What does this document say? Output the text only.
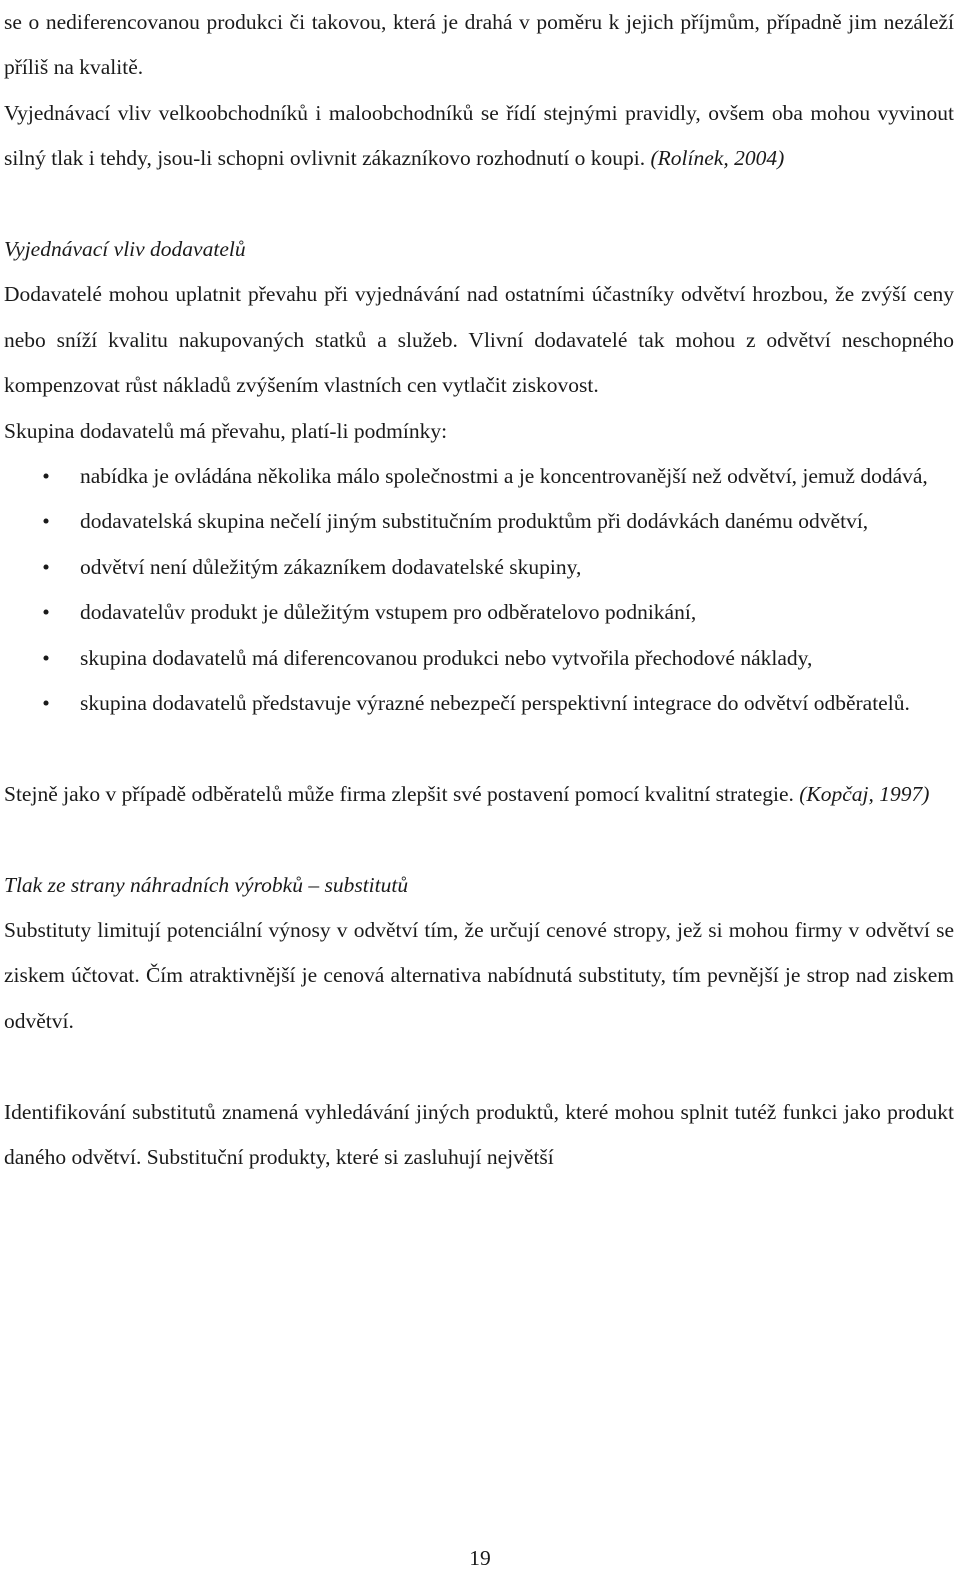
se o nediferencovanou produkci či takovou, která je drahá v poměru k jejich příjmům, případně jim nezáleží příliš na kvalitě.

Vyjednávací vliv velkoobchodníků i maloobchodníků se řídí stejnými pravidly, ovšem oba mohou vyvinout silný tlak i tehdy, jsou-li schopni ovlivnit zákazníkovo rozhodnutí o koupi. (Rolínek, 2004)

Vyjednávací vliv dodavatelů

Dodavatelé mohou uplatnit převahu při vyjednávání nad ostatními účastníky odvětví hrozbou, že zvýší ceny nebo sníží kvalitu nakupovaných statků a služeb. Vlivní dodavatelé tak mohou z odvětví neschopného kompenzovat růst nákladů zvýšením vlastních cen vytlačit ziskovost.

Skupina dodavatelů má převahu, platí-li podmínky:

• nabídka je ovládána několika málo společnostmi a je koncentrovanější než odvětví, jemuž dodává,
• dodavatelská skupina nečelí jiným substitučním produktům při dodávkách danému odvětví,
• odvětví není důležitým zákazníkem dodavatelské skupiny,
• dodavatelův produkt je důležitým vstupem pro odběratelovo podnikání,
• skupina dodavatelů má diferencovanou produkci nebo vytvořila přechodové náklady,
• skupina dodavatelů představuje výrazné nebezpečí perspektivní integrace do odvětví odběratelů.

Stejně jako v případě odběratelů může firma zlepšit své postavení pomocí kvalitní strategie. (Kopčaj, 1997)

Tlak ze strany náhradních výrobků – substitutů

Substituty limitují potenciální výnosy v odvětví tím, že určují cenové stropy, jež si mohou firmy v odvětví se ziskem účtovat. Čím atraktivnější je cenová alternativa nabídnutá substituty, tím pevnější je strop nad ziskem odvětví.

Identifikování substitutů znamená vyhledávání jiných produktů, které mohou splnit tutéž funkci jako produkt daného odvětví. Substituční produkty, které si zasluhují největší

19
